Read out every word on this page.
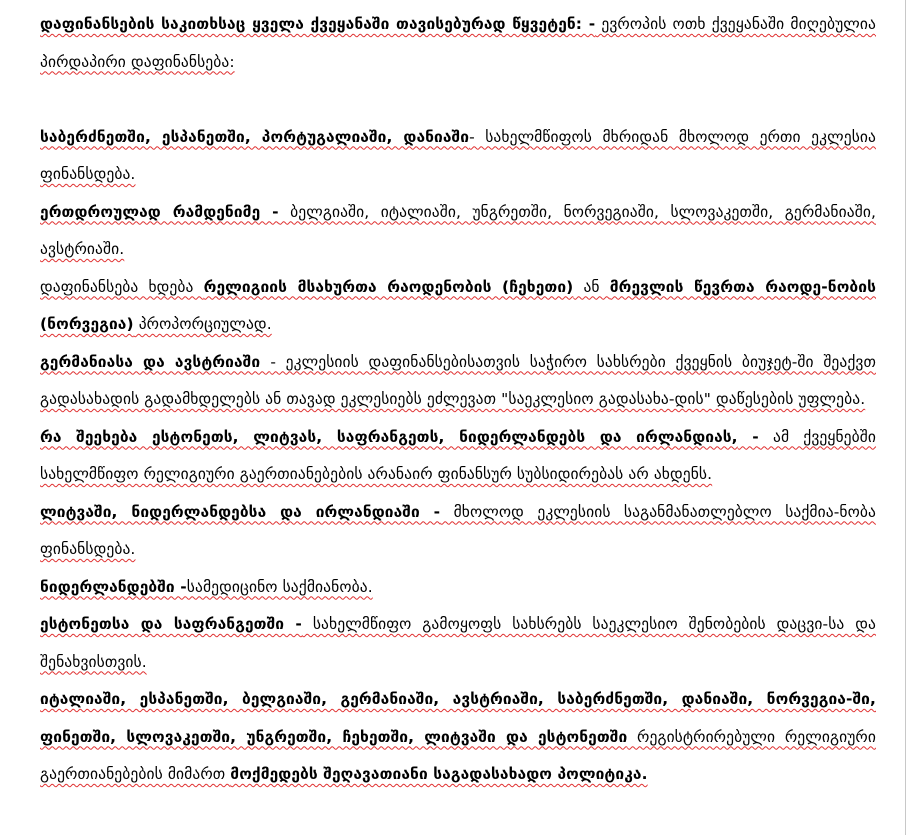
დაფინანსების საკითხსაც ყველა ქვეყანაში თავისებურად წყვეტენ: - ევროპის ოთხ ქვეყანაში მიღებულია პირდაპირი დაფინანსება:

საბერძნეთში, ესპანეთში, პორტუგალიაში, დანიაში- სახელმწიფოს მხრიდან მხოლოდ ერთი ეკლესია ფინანსდება.

ერთდროულად რამდენიმე - ბელგიაში, იტალიაში, უნგრეთში, ნორვეგიაში, სლოვაკეთში, გერმანიაში, ავსტრიაში.

დაფინანსება ხდება რელიგიის მსახურთა რაოდენობის (ჩეხეთი) ან მრევლის წევრთა რაოდე-ნობის (ნორვეგია) პროპორციულად.

გერმანიასა და ავსტრიაში - ეკლესიის დაფინანსებისათვის საჭირო სახსრები ქვეყნის ბიუჯეტ-ში შეაქვთ გადასახადის გადამხდელებს ან თავად ეკლესიებს ეძლევათ "საეკლესიო გადასახა-დის" დაწესების უფლება.

რა შეეხება ესტონეთს, ლიტვას, საფრანგეთს, ნიდერლანდებს და ირლანდიას, - ამ ქვეყნებში სახელმწიფო რელიგიური გაერთიანებების არანაირ ფინანსურ სუბსიდირებას არ ახდენს.

ლიტვაში, ნიდერლანდებსა და ირლანდიაში - მხოლოდ ეკლესიის საგანმანათლებლო საქმია-ნობა ფინანსდება.

ნიდერლანდებში -სამედიცინო საქმიანობა.

ესტონეთსა და საფრანგეთში - სახელმწიფო გამოყოფს სახსრებს საეკლესიო შენობების დაცვი-სა და შენახვისთვის.

იტალიაში, ესპანეთში, ბელგიაში, გერმანიაში, ავსტრიაში, საბერძნეთში, დანიაში, ნორვეგია-ში, ფინეთში, სლოვაკეთში, უნგრეთში, ჩეხეთში, ლიტვაში და ესტონეთში რეგისტრირებული რელიგიური გაერთიანებების მიმართ მოქმედებს შეღავათიანი საგადასახადო პოლიტიკა.
